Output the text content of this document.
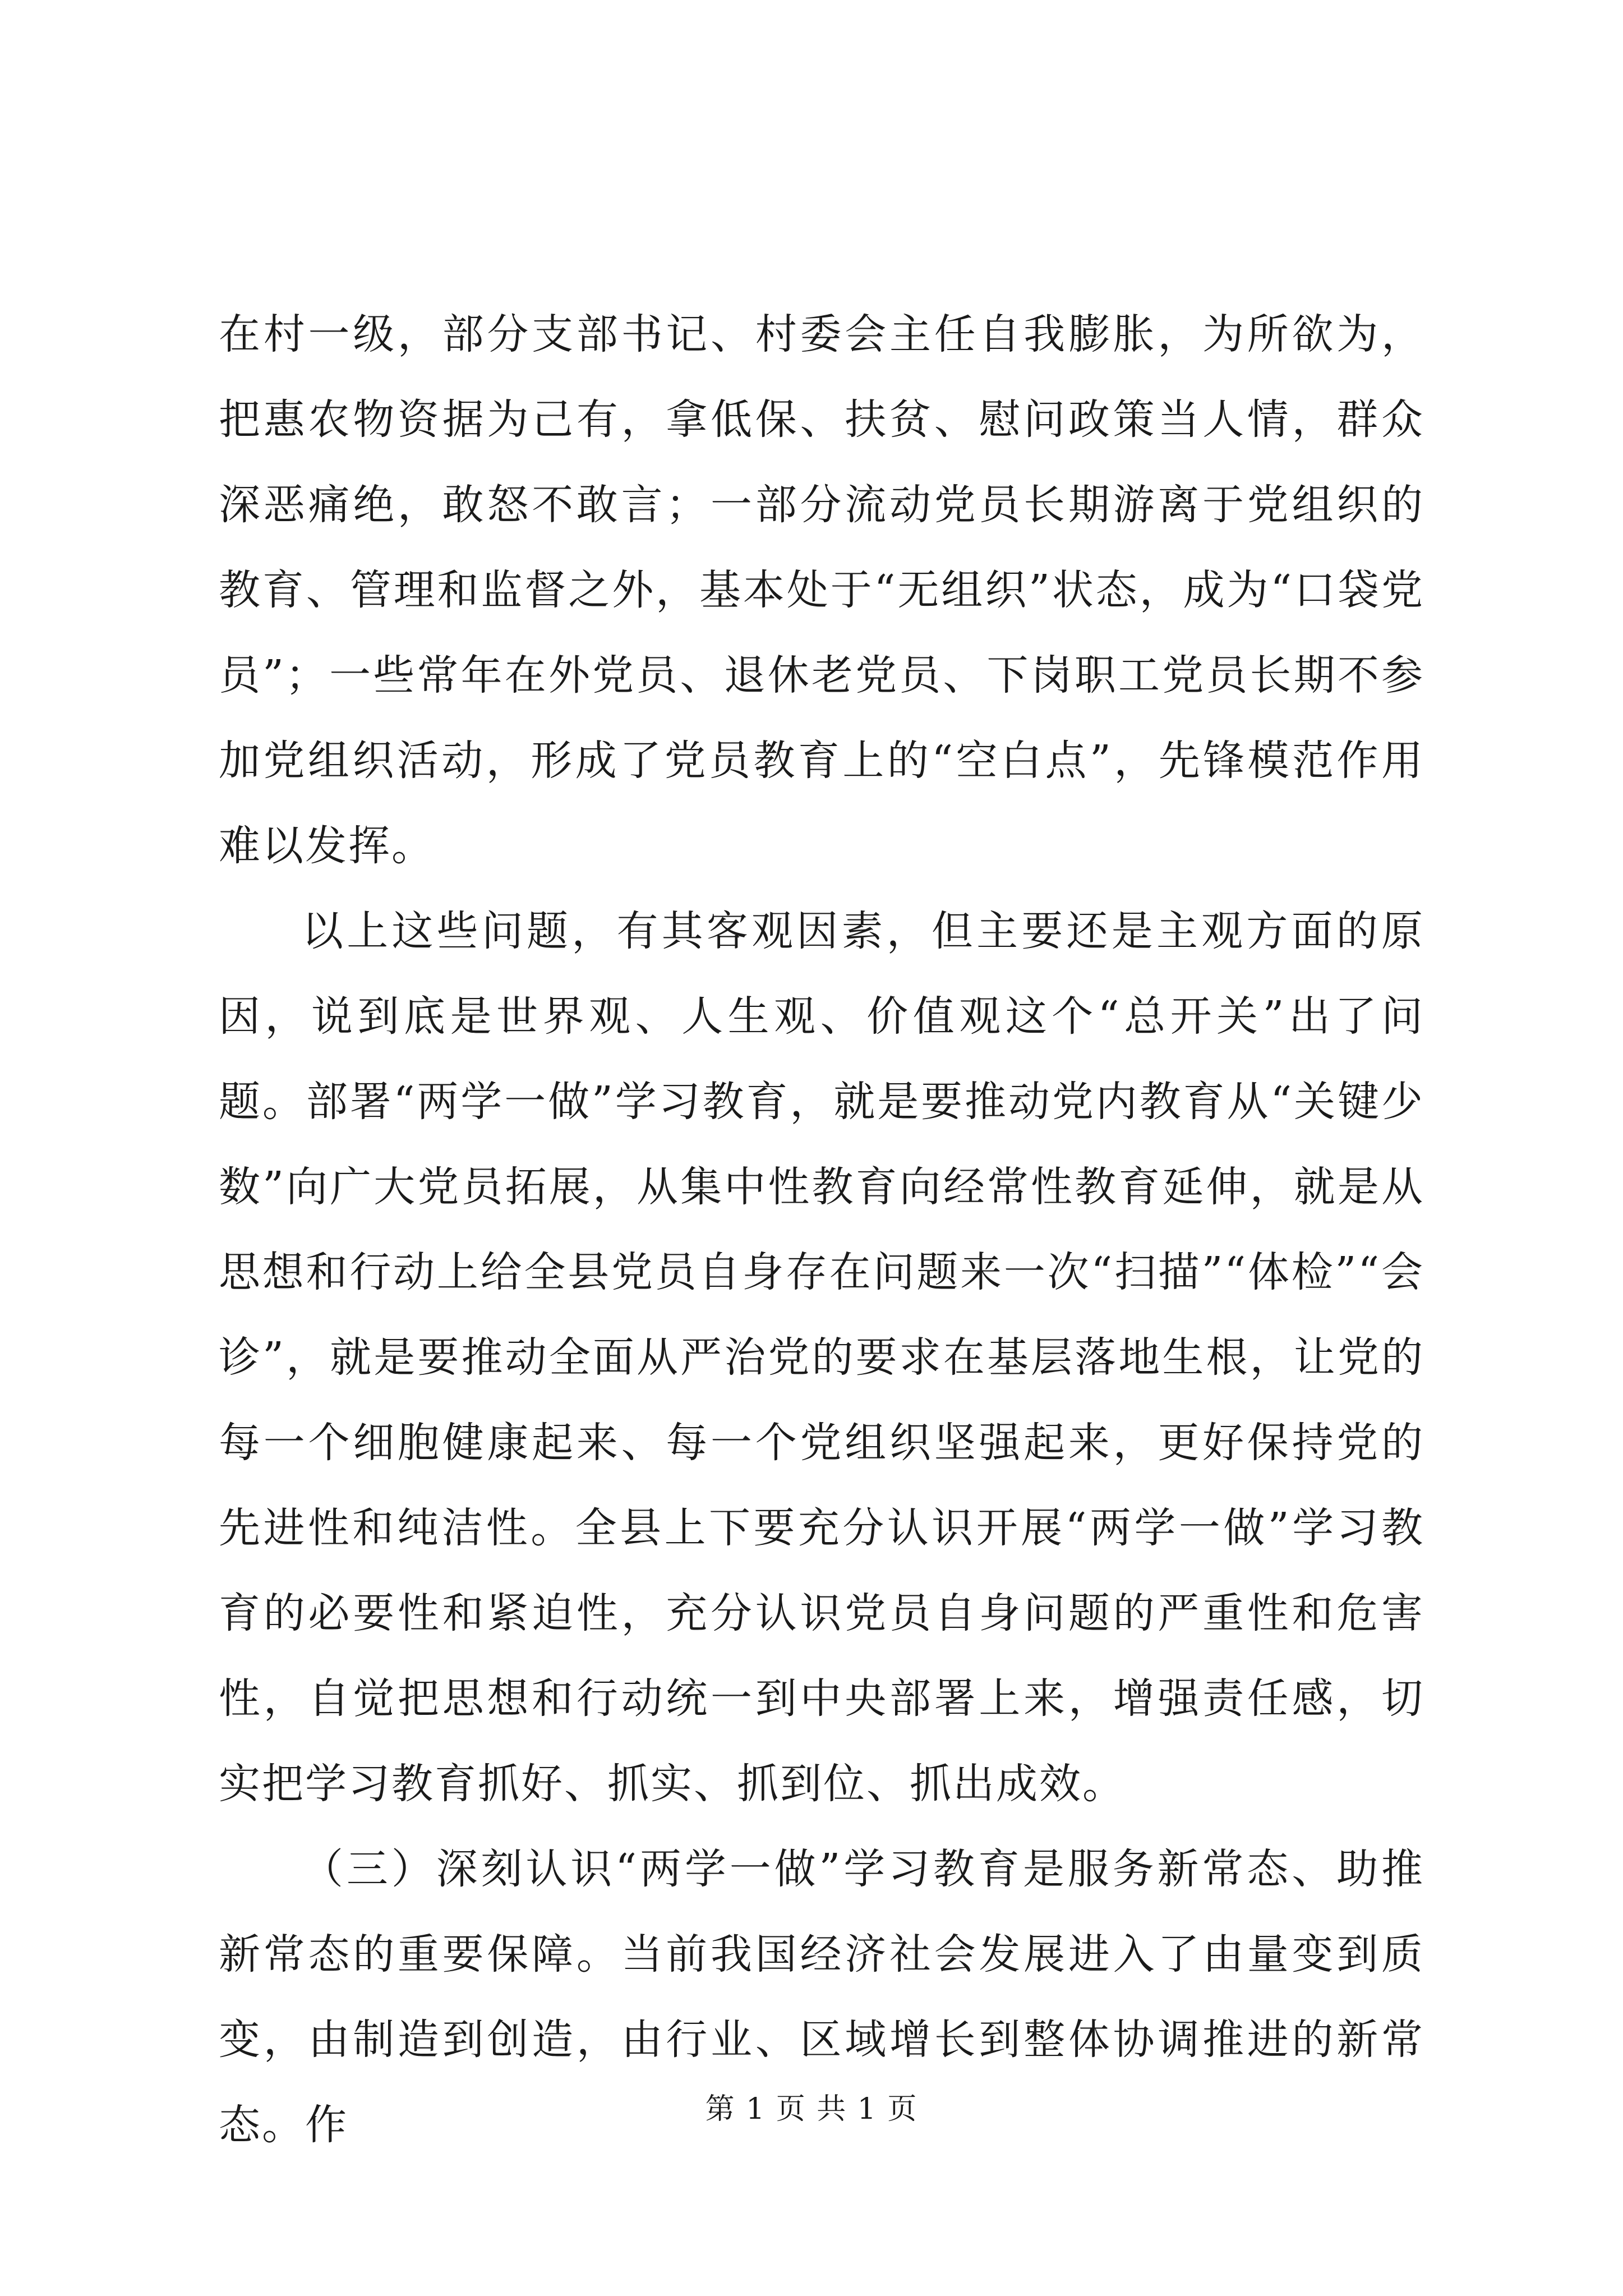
在村一级，部分支部书记、村委会主任自我膨胀，为所欲为，把惠农物资据为己有，拿低保、扶贫、慰问政策当人情，群众深恶痛绝，敢怒不敢言；一部分流动党员长期游离于党组织的教育、管理和监督之外，基本处于“无组织”状态，成为“口袋党员”；一些常年在外党员、退休老党员、下岗职工党员长期不参加党组织活动，形成了党员教育上的“空白点”，先锋模范作用难以发挥。

以上这些问题，有其客观因素，但主要还是主观方面的原因，说到底是世界观、人生观、价值观这个“总开关”出了问题。部署“两学一做”学习教育，就是要推动党内教育从“关键少数”向广大党员拓展，从集中性教育向经常性教育延伸，就是从思想和行动上给全县党员自身存在问题来一次“扫描”“体检”“会诊”，就是要推动全面从严治党的要求在基层落地生根，让党的每一个细胞健康起来、每一个党组织坚强起来，更好保持党的先进性和纯洁性。全县上下要充分认识开展“两学一做”学习教育的必要性和紧迫性，充分认识党员自身问题的严重性和危害性，自觉把思想和行动统一到中央部署上来，增强责任感，切实把学习教育抓好、抓实、抓到位、抓出成效。

（三）深刻认识“两学一做”学习教育是服务新常态、助推新常态的重要保障。当前我国经济社会发展进入了由量变到质变，由制造到创造，由行业、区域增长到整体协调推进的新常态。作	第 1 页 共 1 页
